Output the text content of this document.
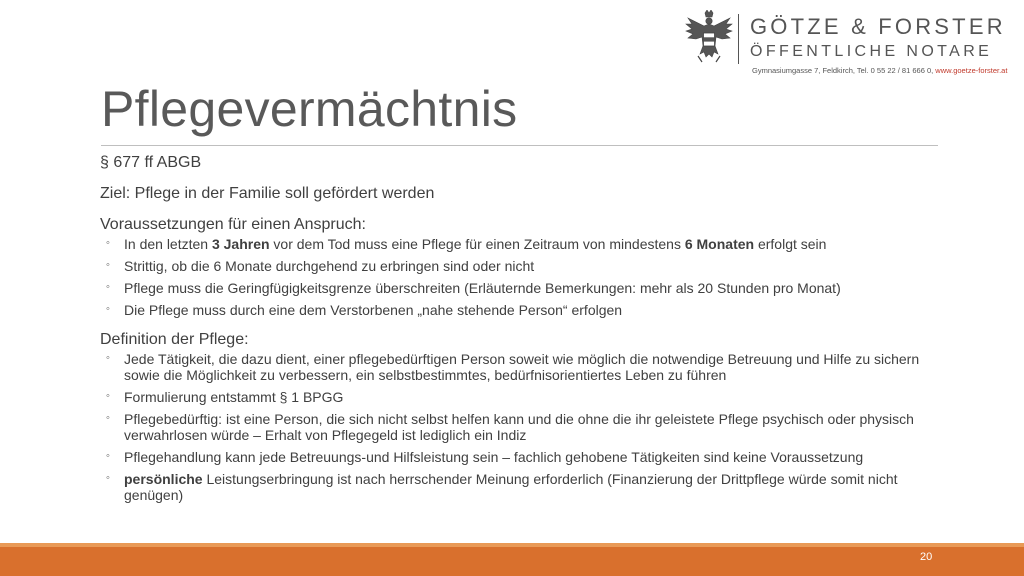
GÖTZE & FORSTER
ÖFFENTLICHE NOTARE
Gymnasiumgasse 7, Feldkirch, Tel. 0 55 22 / 81 666 0, www.goetze-forster.at
Pflegevermächtnis

§ 677 ff ABGB

Ziel: Pflege in der Familie soll gefördert werden

Voraussetzungen für einen Anspruch:

◦ In den letzten 3 Jahren vor dem Tod muss eine Pflege für einen Zeitraum von mindestens 6 Monaten erfolgt sein
◦ Strittig, ob die 6 Monate durchgehend zu erbringen sind oder nicht
◦ Pflege muss die Geringfügigkeitsgrenze überschreiten (Erläuternde Bemerkungen: mehr als 20 Stunden pro Monat)
◦ Die Pflege muss durch eine dem Verstorbenen „nahe stehende Person“ erfolgen

Definition der Pflege:

◦ Jede Tätigkeit, die dazu dient, einer pflegebedürftigen Person soweit wie möglich die notwendige Betreuung und Hilfe zu sichern sowie die Möglichkeit zu verbessern, ein selbstbestimmtes, bedürfnisorientiertes Leben zu führen
◦ Formulierung entstammt § 1 BPGG
◦ Pflegebedürftig: ist eine Person, die sich nicht selbst helfen kann und die ohne die ihr geleistete Pflege psychisch oder physisch verwahrlosen würde – Erhalt von Pflegegeld ist lediglich ein Indiz
◦ Pflegehandlung kann jede Betreuungs-und Hilfsleistung sein – fachlich gehobene Tätigkeiten sind keine Voraussetzung
◦ persönliche Leistungserbringung ist nach herrschender Meinung erforderlich (Finanzierung der Drittpflege würde somit nicht genügen)
20
